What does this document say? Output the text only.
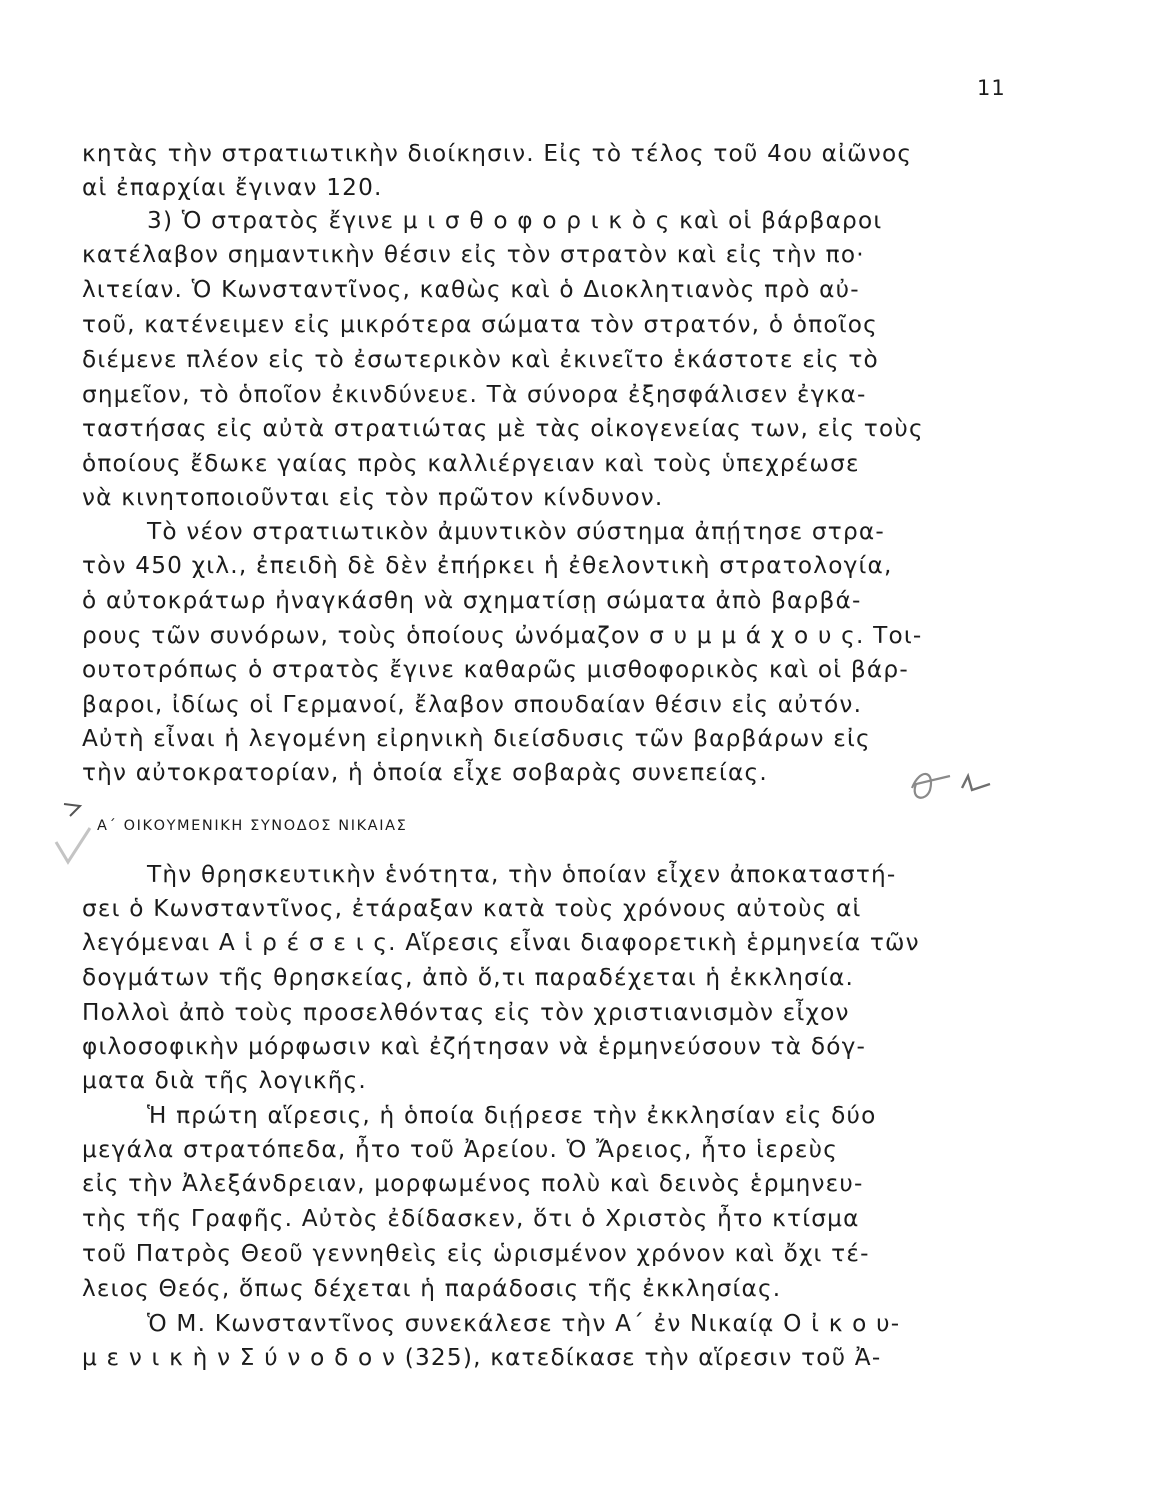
11
κητὰς τὴν στρατιωτικὴν διοίκησιν. Εἰς τὸ τέλος τοῦ 4ου αἰῶνος
αἱ ἐπαρχίαι ἔγιναν 120.
3) Ὁ στρατὸς ἔγινε μ ι σ θ ο φ ο ρ ι κ ὸ ς καὶ οἱ βάρβαροι
κατέλαβον σημαντικὴν θέσιν εἰς τὸν στρατὸν καὶ εἰς τὴν πο·
λιτείαν. Ὁ Κωνσταντῖνος, καθὼς καὶ ὁ Διοκλητιανὸς πρὸ αὐ-
τοῦ, κατένειμεν εἰς μικρότερα σώματα τὸν στρατόν, ὁ ὁποῖος
διέμενε πλέον εἰς τὸ ἐσωτερικὸν καὶ ἐκινεῖτο ἑκάστοτε εἰς τὸ
σημεῖον, τὸ ὁποῖον ἐκινδύνευε. Τὰ σύνορα ἐξησφάλισεν ἐγκα-
ταστήσας εἰς αὐτὰ στρατιώτας μὲ τὰς οἰκογενείας των, εἰς τοὺς
ὁποίους ἔδωκε γαίας πρὸς καλλιέργειαν καὶ τοὺς ὑπεχρέωσε
νὰ κινητοποιοῦνται εἰς τὸν πρῶτον κίνδυνον.
Τὸ νέον στρατιωτικὸν ἀμυντικὸν σύστημα ἀπῄτησε στρα-
τὸν 450 χιλ., ἐπειδὴ δὲ δὲν ἐπήρκει ἡ ἐθελοντικὴ στρατολογία,
ὁ αὐτοκράτωρ ἠναγκάσθη νὰ σχηματίσῃ σώματα ἀπὸ βαρβά-
ρους τῶν συνόρων, τοὺς ὁποίους ὠνόμαζον σ υ μ μ ά χ ο υ ς. Τοι-
ουτοτρόπως ὁ στρατὸς ἔγινε καθαρῶς μισθοφορικὸς καὶ οἱ βάρ-
βαροι, ἰδίως οἱ Γερμανοί, ἔλαβον σπουδαίαν θέσιν εἰς αὐτόν.
Αὐτὴ εἶναι ἡ λεγομένη εἰρηνικὴ διείσδυσις τῶν βαρβάρων εἰς
τὴν αὐτοκρατορίαν, ἡ ὁποία εἶχε σοβαρὰς συνεπείας.
Α΄ ΟΙΚΟΥΜΕΝΙΚΗ ΣΥΝΟΔΟΣ ΝΙΚΑΙΑΣ
Τὴν θρησκευτικὴν ἑνότητα, τὴν ὁποίαν εἶχεν ἀποκαταστή-
σει ὁ Κωνσταντῖνος, ἐτάραξαν κατὰ τοὺς χρόνους αὐτοὺς αἱ
λεγόμεναι Α ἱ ρ έ σ ε ι ς. Αἵρεσις εἶναι διαφορετικὴ ἑρμηνεία τῶν
δογμάτων τῆς θρησκείας, ἀπὸ ὅ,τι παραδέχεται ἡ ἐκκλησία.
Πολλοὶ ἀπὸ τοὺς προσελθόντας εἰς τὸν χριστιανισμὸν εἶχον
φιλοσοφικὴν μόρφωσιν καὶ ἐζήτησαν νὰ ἑρμηνεύσουν τὰ δόγ-
ματα διὰ τῆς λογικῆς.
Ἡ πρώτη αἵρεσις, ἡ ὁποία διῄρεσε τὴν ἐκκλησίαν εἰς δύο
μεγάλα στρατόπεδα, ἦτο τοῦ Ἀρείου. Ὁ Ἄρειος, ἦτο ἱερεὺς
εἰς τὴν Ἀλεξάνδρειαν, μορφωμένος πολὺ καὶ δεινὸς ἑρμηνευ-
τὴς τῆς Γραφῆς. Αὐτὸς ἐδίδασκεν, ὅτι ὁ Χριστὸς ἦτο κτίσμα
τοῦ Πατρὸς Θεοῦ γεννηθεὶς εἰς ὡρισμένον χρόνον καὶ ὄχι τέ-
λειος Θεός, ὅπως δέχεται ἡ παράδοσις τῆς ἐκκλησίας.
Ὁ Μ. Κωνσταντῖνος συνεκάλεσε τὴν Α΄ ἐν Νικαίᾳ Ο ἰ κ ο υ-
μ ε ν ι κ ὴ ν Σ ύ ν ο δ ο ν (325), κατεδίκασε τὴν αἵρεσιν τοῦ Ἀ-
